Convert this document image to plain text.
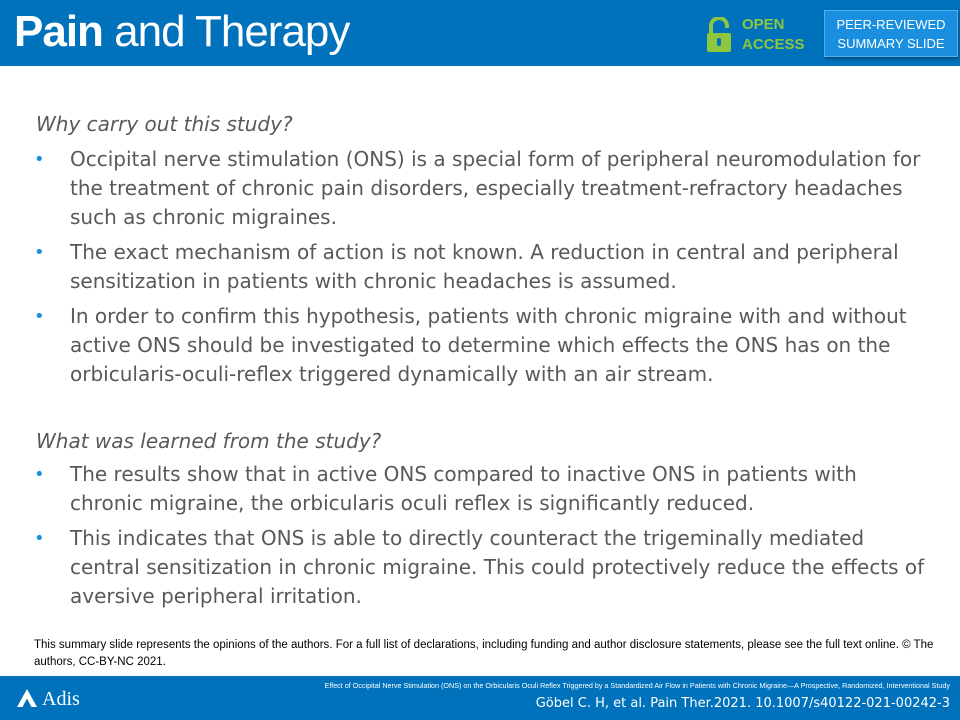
Pain and Therapy	OPEN
ACCESS
PEER-REVIEWED
SUMMARY SLIDE
Why carry out this study?
• Occipital nerve stimulation (ONS) is a special form of peripheral neuromodulation for the treatment of chronic pain disorders, especially treatment-refractory headaches such as chronic migraines.
• The exact mechanism of action is not known. A reduction in central and peripheral sensitization in patients with chronic headaches is assumed.
• In order to confirm this hypothesis, patients with chronic migraine with and without active ONS should be investigated to determine which effects the ONS has on the orbicularis-oculi-reflex triggered dynamically with an air stream.
What was learned from the study?
• The results show that in active ONS compared to inactive ONS in patients with chronic migraine, the orbicularis oculi reflex is significantly reduced.
• This indicates that ONS is able to directly counteract the trigeminally mediated central sensitization in chronic migraine. This could protectively reduce the effects of aversive peripheral irritation.
This summary slide represents the opinions of the authors. For a full list of declarations, including funding and author disclosure statements, please see the full text online. © The authors, CC-BY-NC 2021.
Adis
Effect of Occipital Nerve Stimulation (ONS) on the Orbicularis Oculi Reflex Triggered by a Standardized Air Flow in Patients with Chronic Migraine—A Prospective, Randomized, Interventional Study
Göbel C. H, et al. Pain Ther.2021. 10.1007/s40122-021-00242-3
